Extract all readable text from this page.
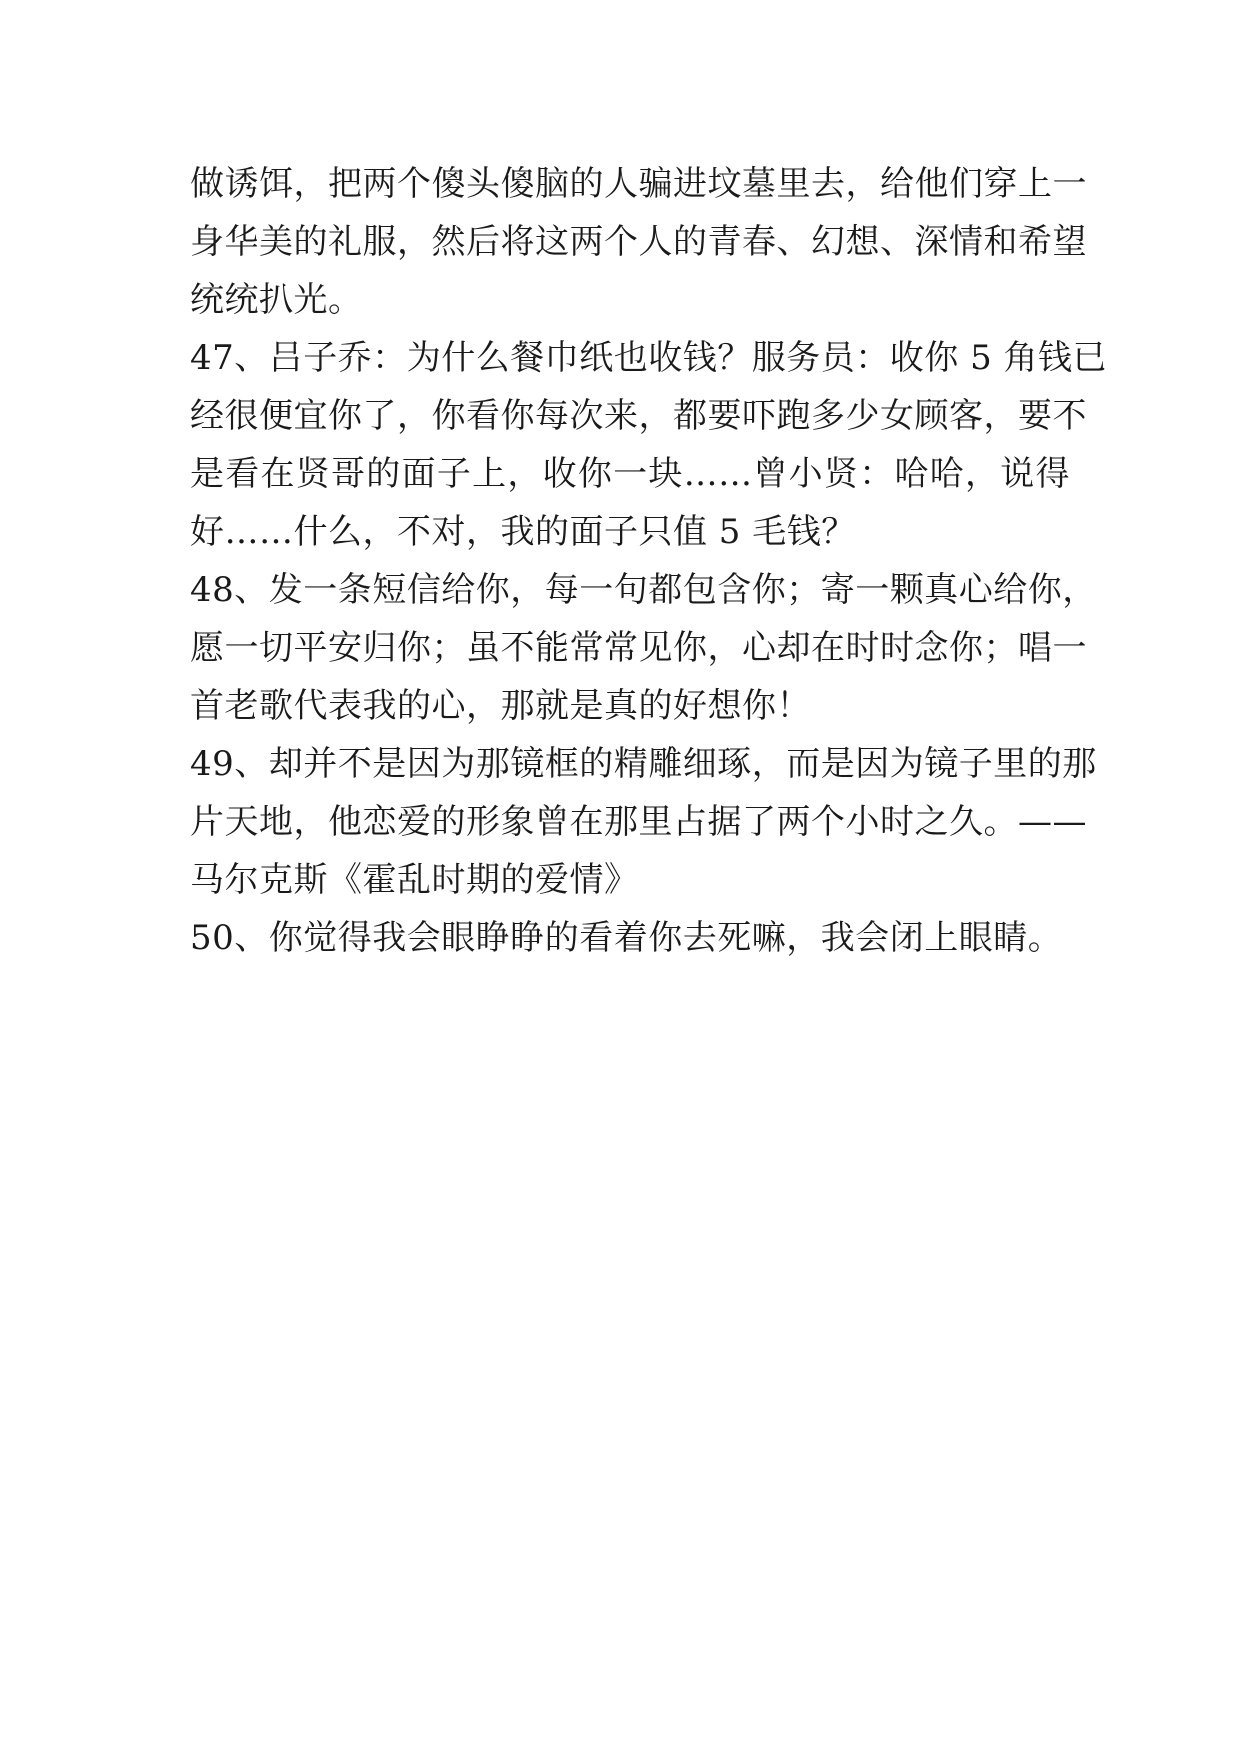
做诱饵，把两个傻头傻脑的人骗进坟墓里去，给他们穿上一
身华美的礼服，然后将这两个人的青春、幻想、深情和希望
统统扒光。
47、吕子乔：为什么餐巾纸也收钱？服务员：收你 5 角钱已
经很便宜你了，你看你每次来，都要吓跑多少女顾客，要不
是看在贤哥的面子上，收你一块……曾小贤：哈哈，说得
好……什么，不对，我的面子只值 5 毛钱？
48、发一条短信给你，每一句都包含你；寄一颗真心给你，
愿一切平安归你；虽不能常常见你，心却在时时念你；唱一
首老歌代表我的心，那就是真的好想你！
49、却并不是因为那镜框的精雕细琢，而是因为镜子里的那
片天地，他恋爱的形象曾在那里占据了两个小时之久。——
马尔克斯《霍乱时期的爱情》
50、你觉得我会眼睁睁的看着你去死嘛，我会闭上眼睛。
